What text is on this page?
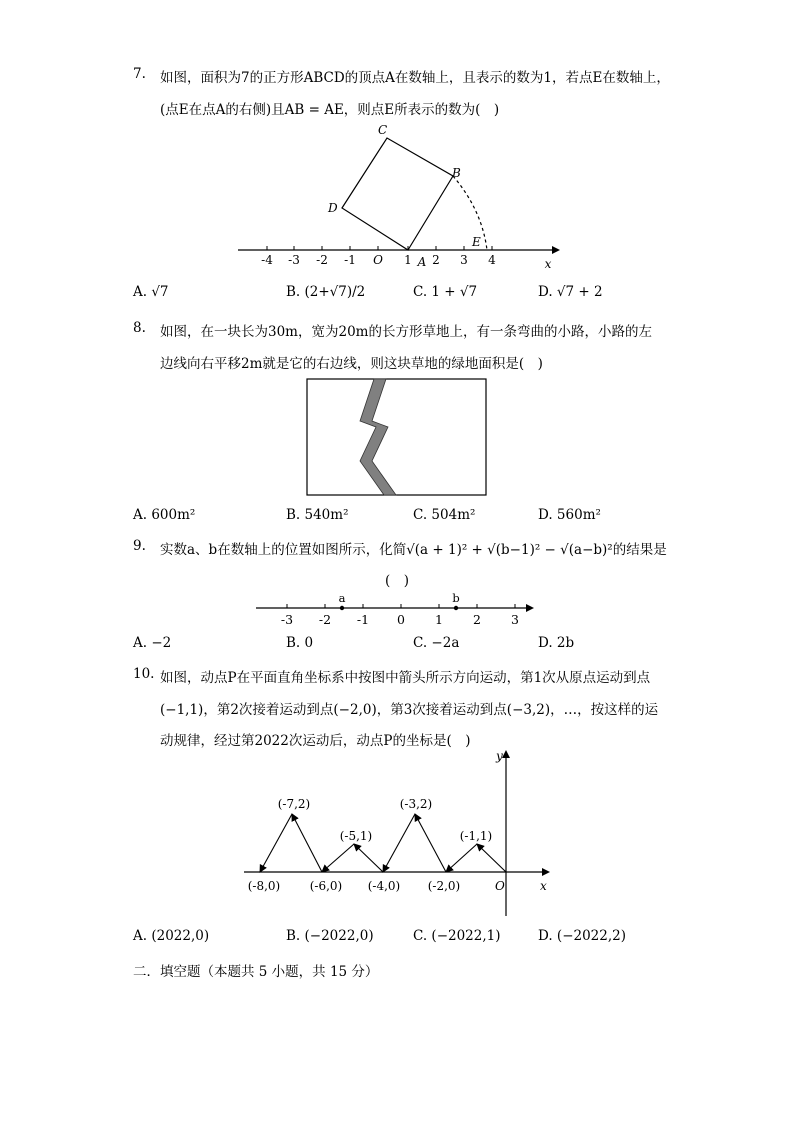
7. 如图，面积为7的正方形ABCD的顶点A在数轴上，且表示的数为1，若点E在数轴上，
(点E在点A的右侧)且AB = AE，则点E所表示的数为(　)
-4 -3 -2 -1 O 1 2 3 4
A	x
C
B
D
E
A. √7	B. (2+√7)/2	C. 1 + √7	D. √7 + 2
8. 如图，在一块长为30m，宽为20m的长方形草地上，有一条弯曲的小路，小路的左
边线向右平移2m就是它的右边线，则这块草地的绿地面积是(　)
A. 600m²	B. 540m²	C. 504m²	D. 560m²
9. 实数a、b在数轴上的位置如图所示，化简√(a + 1)² + √(b−1)² − √(a−b)²的结果是
(　)
a	b
-3 -2 -1 0 1 2 3
A. −2	B. 0	C. −2a	D. 2b
10. 如图，动点P在平面直角坐标系中按图中箭头所示方向运动，第1次从原点运动到点
(−1,1)，第2次接着运动到点(−2,0)，第3次接着运动到点(−3,2)，…，按这样的运
动规律，经过第2022次运动后，动点P的坐标是(　)
y
x
O
(-7,2)	(-3,2)
(-5,1)	(-1,1)
(-8,0) (-6,0) (-4,0) (-2,0)
A. (2022,0)	B. (−2022,0)	C. (−2022,1)	D. (−2022,2)
二．填空题（本题共 5 小题，共 15 分）
